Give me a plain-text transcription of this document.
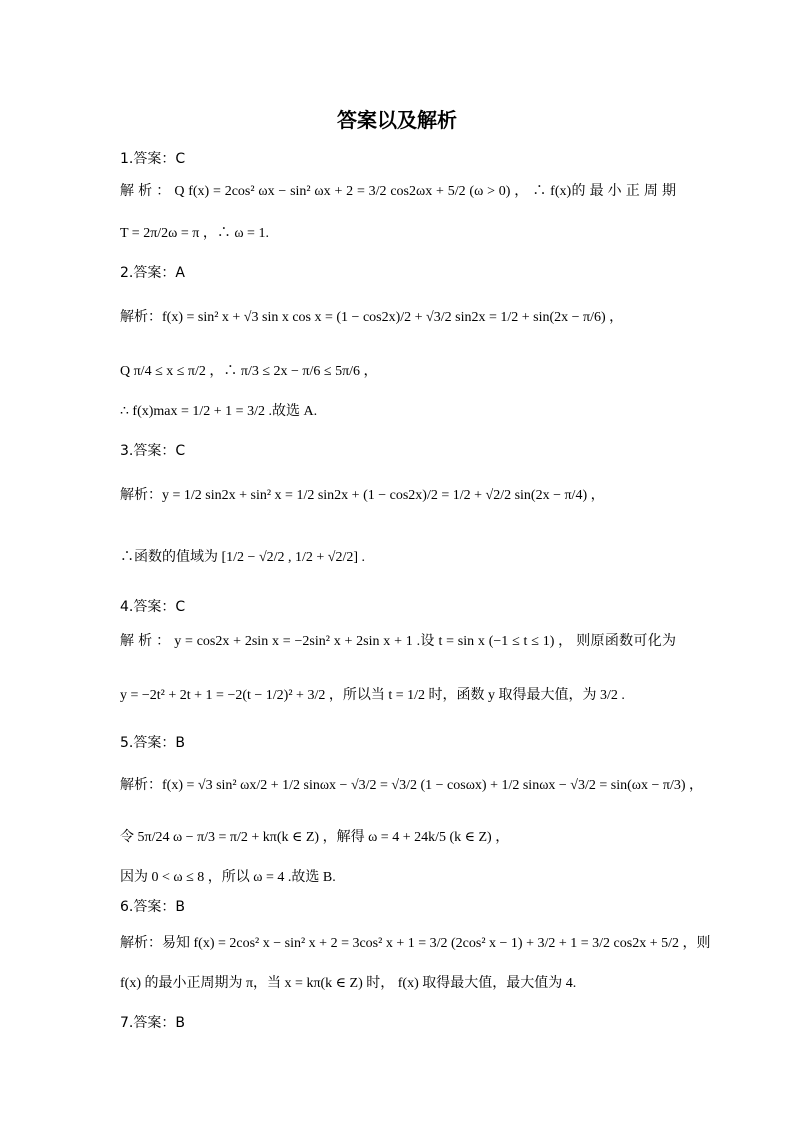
答案以及解析
1.答案：C
解 析 ： Q f(x) = 2cos² ωx − sin² ωx + 2 = 3/2 cos2ωx + 5/2 (ω > 0) ， ∴ f(x)的 最 小 正 周 期
T = 2π/2ω = π ，∴ ω = 1.
2.答案：A
解析：f(x) = sin² x + √3 sin x cos x = (1 − cos2x)/2 + √3/2 sin2x = 1/2 + sin(2x − π/6) ，
Q π/4 ≤ x ≤ π/2 ，∴ π/3 ≤ 2x − π/6 ≤ 5π/6 ，
∴ f(x)max = 1/2 + 1 = 3/2 .故选 A.
3.答案：C
解析：y = 1/2 sin2x + sin² x = 1/2 sin2x + (1 − cos2x)/2 = 1/2 + √2/2 sin(2x − π/4) ，
∴函数的值域为 [1/2 − √2/2 , 1/2 + √2/2] .
4.答案：C
解 析 ： y = cos2x + 2sin x = −2sin² x + 2sin x + 1 .设 t = sin x (−1 ≤ t ≤ 1) ， 则原函数可化为
y = −2t² + 2t + 1 = −2(t − 1/2)² + 3/2 ，所以当 t = 1/2 时，函数 y 取得最大值，为 3/2 .
5.答案：B
解析：f(x) = √3 sin² ωx/2 + 1/2 sinωx − √3/2 = √3/2 (1 − cosωx) + 1/2 sinωx − √3/2 = sin(ωx − π/3) ，
令 5π/24 ω − π/3 = π/2 + kπ(k ∈ Z) ，解得 ω = 4 + 24k/5 (k ∈ Z) ，
因为 0 < ω ≤ 8 ，所以 ω = 4 .故选 B.
6.答案：B
解析：易知 f(x) = 2cos² x − sin² x + 2 = 3cos² x + 1 = 3/2 (2cos² x − 1) + 3/2 + 1 = 3/2 cos2x + 5/2 ，则
f(x) 的最小正周期为 π，当 x = kπ(k ∈ Z) 时， f(x) 取得最大值，最大值为 4.
7.答案：B
